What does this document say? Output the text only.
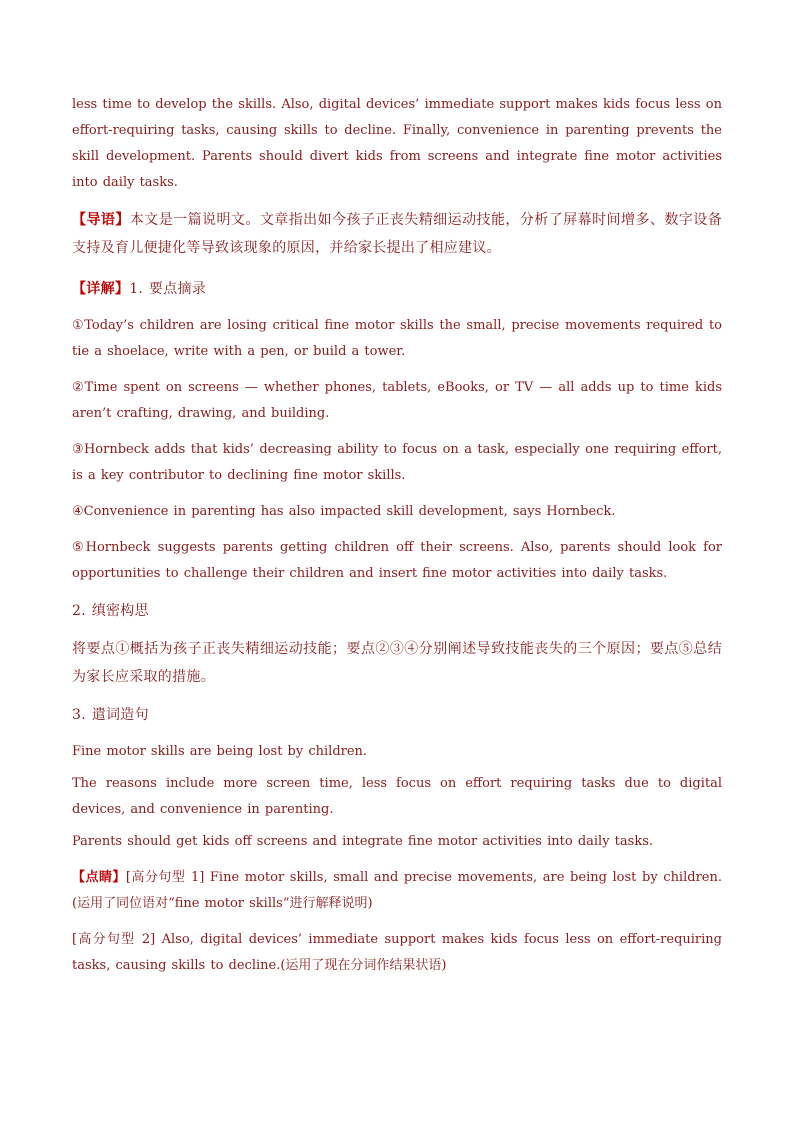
less time to develop the skills. Also, digital devices’ immediate support makes kids focus less on effort-requiring tasks, causing skills to decline. Finally, convenience in parenting prevents the skill development. Parents should divert kids from screens and integrate fine motor activities into daily tasks.

【导语】本文是一篇说明文。文章指出如今孩子正丧失精细运动技能，分析了屏幕时间增多、数字设备支持及育儿便捷化等导致该现象的原因，并给家长提出了相应建议。

【详解】1. 要点摘录

①Today’s children are losing critical fine motor skills the small, precise movements required to tie a shoelace, write with a pen, or build a tower.

②Time spent on screens — whether phones, tablets, eBooks, or TV — all adds up to time kids aren’t crafting, drawing, and building.

③Hornbeck adds that kids’ decreasing ability to focus on a task, especially one requiring effort, is a key contributor to declining fine motor skills.

④Convenience in parenting has also impacted skill development, says Hornbeck.

⑤Hornbeck suggests parents getting children off their screens. Also, parents should look for opportunities to challenge their children and insert fine motor activities into daily tasks.

2. 缜密构思

将要点①概括为孩子正丧失精细运动技能；要点②③④分别阐述导致技能丧失的三个原因；要点⑤总结为家长应采取的措施。

3. 遣词造句

Fine motor skills are being lost by children.

The reasons include more screen time, less focus on effort requiring tasks due to digital devices, and convenience in parenting.

Parents should get kids off screens and integrate fine motor activities into daily tasks.

【点睛】[高分句型 1] Fine motor skills, small and precise movements, are being lost by children.(运用了同位语对“fine motor skills”进行解释说明)

[高分句型 2] Also, digital devices’ immediate support makes kids focus less on effort-requiring tasks, causing skills to decline.(运用了现在分词作结果状语)
